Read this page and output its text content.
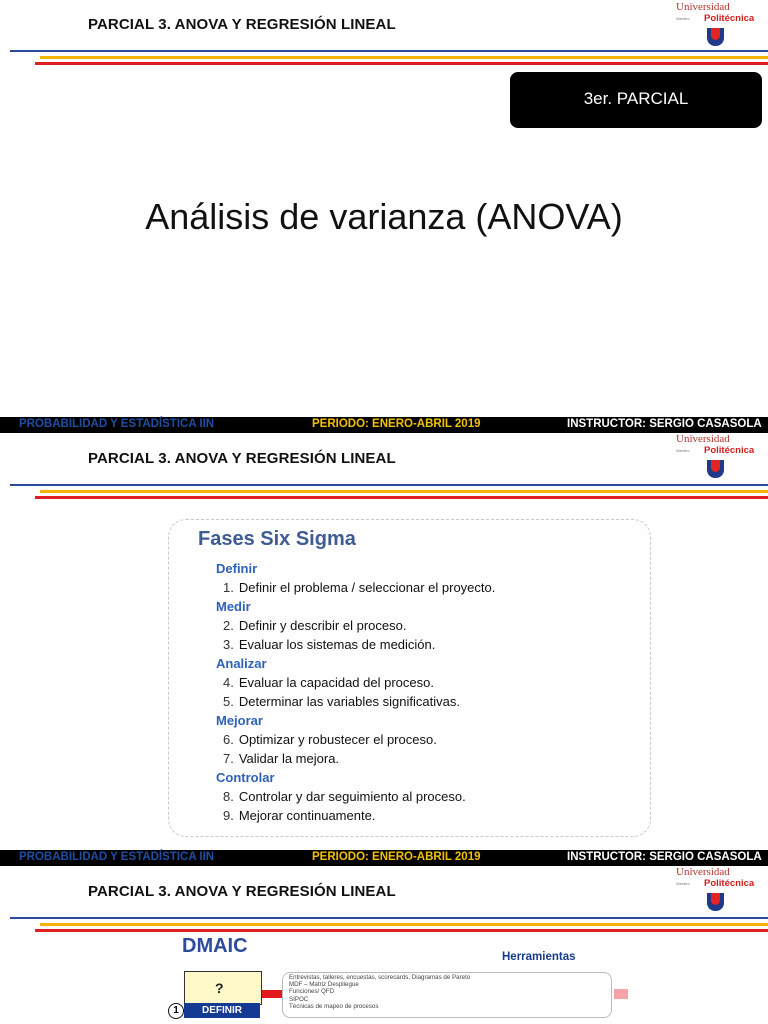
PARCIAL 3. ANOVA Y REGRESIÓN LINEAL
Universidad
Miembro	Politécnica
3er. PARCIAL
Análisis de varianza (ANOVA)
PROBABILIDAD Y ESTADÍSTICA IIN	PERIODO: ENERO-ABRIL 2019	INSTRUCTOR: SERGIO CASASOLA
PARCIAL 3. ANOVA Y REGRESIÓN LINEAL
Universidad
Miembro	Politécnica
Fases Six Sigma
Definir
1. Definir el problema / seleccionar el proyecto.
Medir
2. Definir y describir el proceso.
3. Evaluar los sistemas de medición.
Analizar
4. Evaluar la capacidad del proceso.
5. Determinar las variables significativas.
Mejorar
6. Optimizar y robustecer el proceso.
7. Validar la mejora.
Controlar
8. Controlar y dar seguimiento al proceso.
9. Mejorar continuamente.
PROBABILIDAD Y ESTADÍSTICA IIN	PERIODO: ENERO-ABRIL 2019	INSTRUCTOR: SERGIO CASASOLA
PARCIAL 3. ANOVA Y REGRESIÓN LINEAL
Universidad
Miembro	Politécnica
DMAIC	Herramientas
?
1	DEFINIR
Entrevistas, talleres, encuestas, scorecards, Diagramas de Pareto
MDF – Matriz Despliegue
Funciones/ QFD
SIPOC
Técnicas de mapeo de procesos
